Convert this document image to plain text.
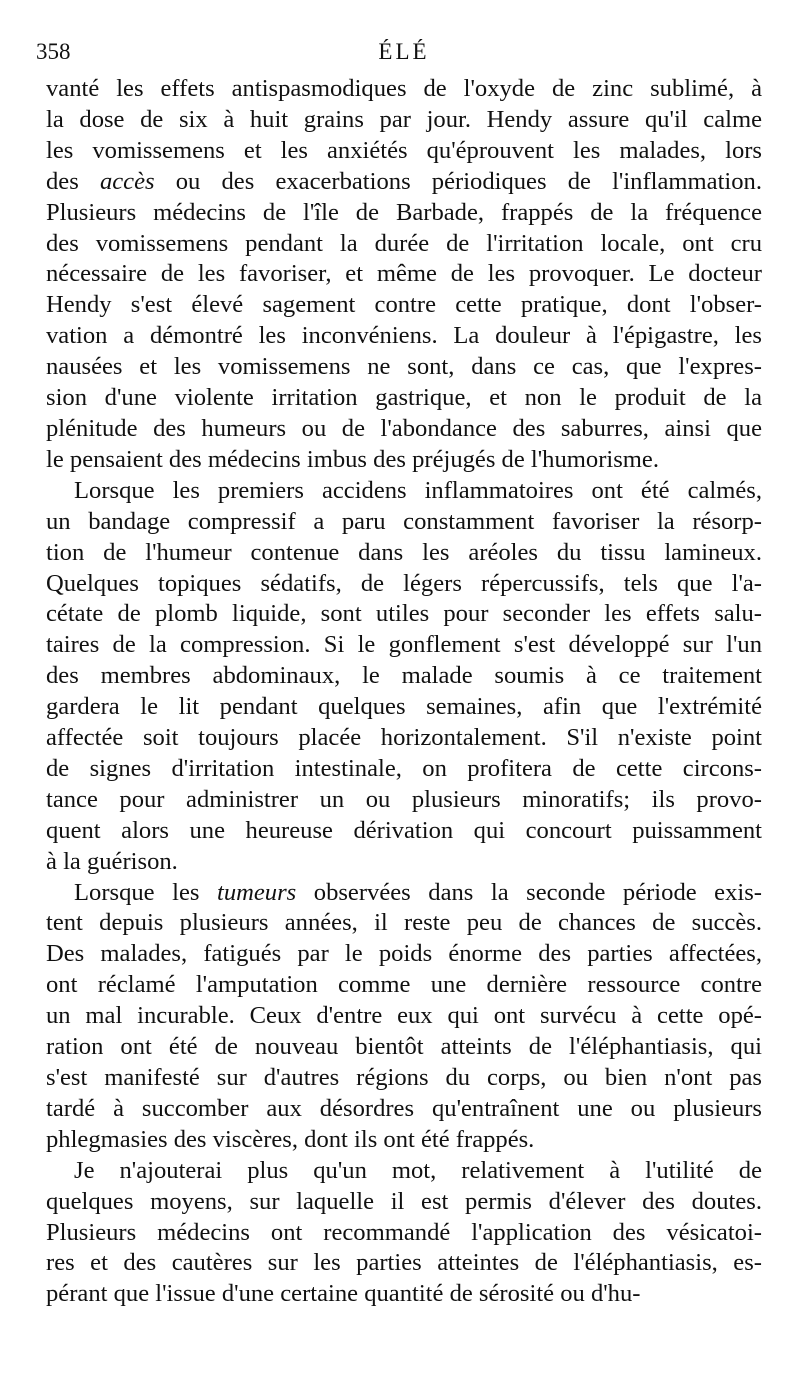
358	ÉLÉ

vanté les effets antispasmodiques de l'oxyde de zinc sublimé, à
la dose de six à huit grains par jour. Hendy assure qu'il calme
les vomissemens et les anxiétés qu'éprouvent les malades, lors
des accès ou des exacerbations périodiques de l'inflammation.
Plusieurs médecins de l'île de Barbade, frappés de la fréquence
des vomissemens pendant la durée de l'irritation locale, ont cru
nécessaire de les favoriser, et même de les provoquer. Le docteur
Hendy s'est élevé sagement contre cette pratique, dont l'obser-
vation a démontré les inconvéniens. La douleur à l'épigastre, les
nausées et les vomissemens ne sont, dans ce cas, que l'expres-
sion d'une violente irritation gastrique, et non le produit de la
plénitude des humeurs ou de l'abondance des saburres, ainsi que
le pensaient des médecins imbus des préjugés de l'humorisme.

Lorsque les premiers accidens inflammatoires ont été calmés,
un bandage compressif a paru constamment favoriser la résorp-
tion de l'humeur contenue dans les aréoles du tissu lamineux.
Quelques topiques sédatifs, de légers répercussifs, tels que l'a-
cétate de plomb liquide, sont utiles pour seconder les effets salu-
taires de la compression. Si le gonflement s'est développé sur l'un
des membres abdominaux, le malade soumis à ce traitement
gardera le lit pendant quelques semaines, afin que l'extrémité
affectée soit toujours placée horizontalement. S'il n'existe point
de signes d'irritation intestinale, on profitera de cette circons-
tance pour administrer un ou plusieurs minoratifs; ils provo-
quent alors une heureuse dérivation qui concourt puissamment
à la guérison.

Lorsque les tumeurs observées dans la seconde période exis-
tent depuis plusieurs années, il reste peu de chances de succès.
Des malades, fatigués par le poids énorme des parties affectées,
ont réclamé l'amputation comme une dernière ressource contre
un mal incurable. Ceux d'entre eux qui ont survécu à cette opé-
ration ont été de nouveau bientôt atteints de l'éléphantiasis, qui
s'est manifesté sur d'autres régions du corps, ou bien n'ont pas
tardé à succomber aux désordres qu'entraînent une ou plusieurs
phlegmasies des viscères, dont ils ont été frappés.

Je n'ajouterai plus qu'un mot, relativement à l'utilité de
quelques moyens, sur laquelle il est permis d'élever des doutes.
Plusieurs médecins ont recommandé l'application des vésicatoi-
res et des cautères sur les parties atteintes de l'éléphantiasis, es-
pérant que l'issue d'une certaine quantité de sérosité ou d'hu-
